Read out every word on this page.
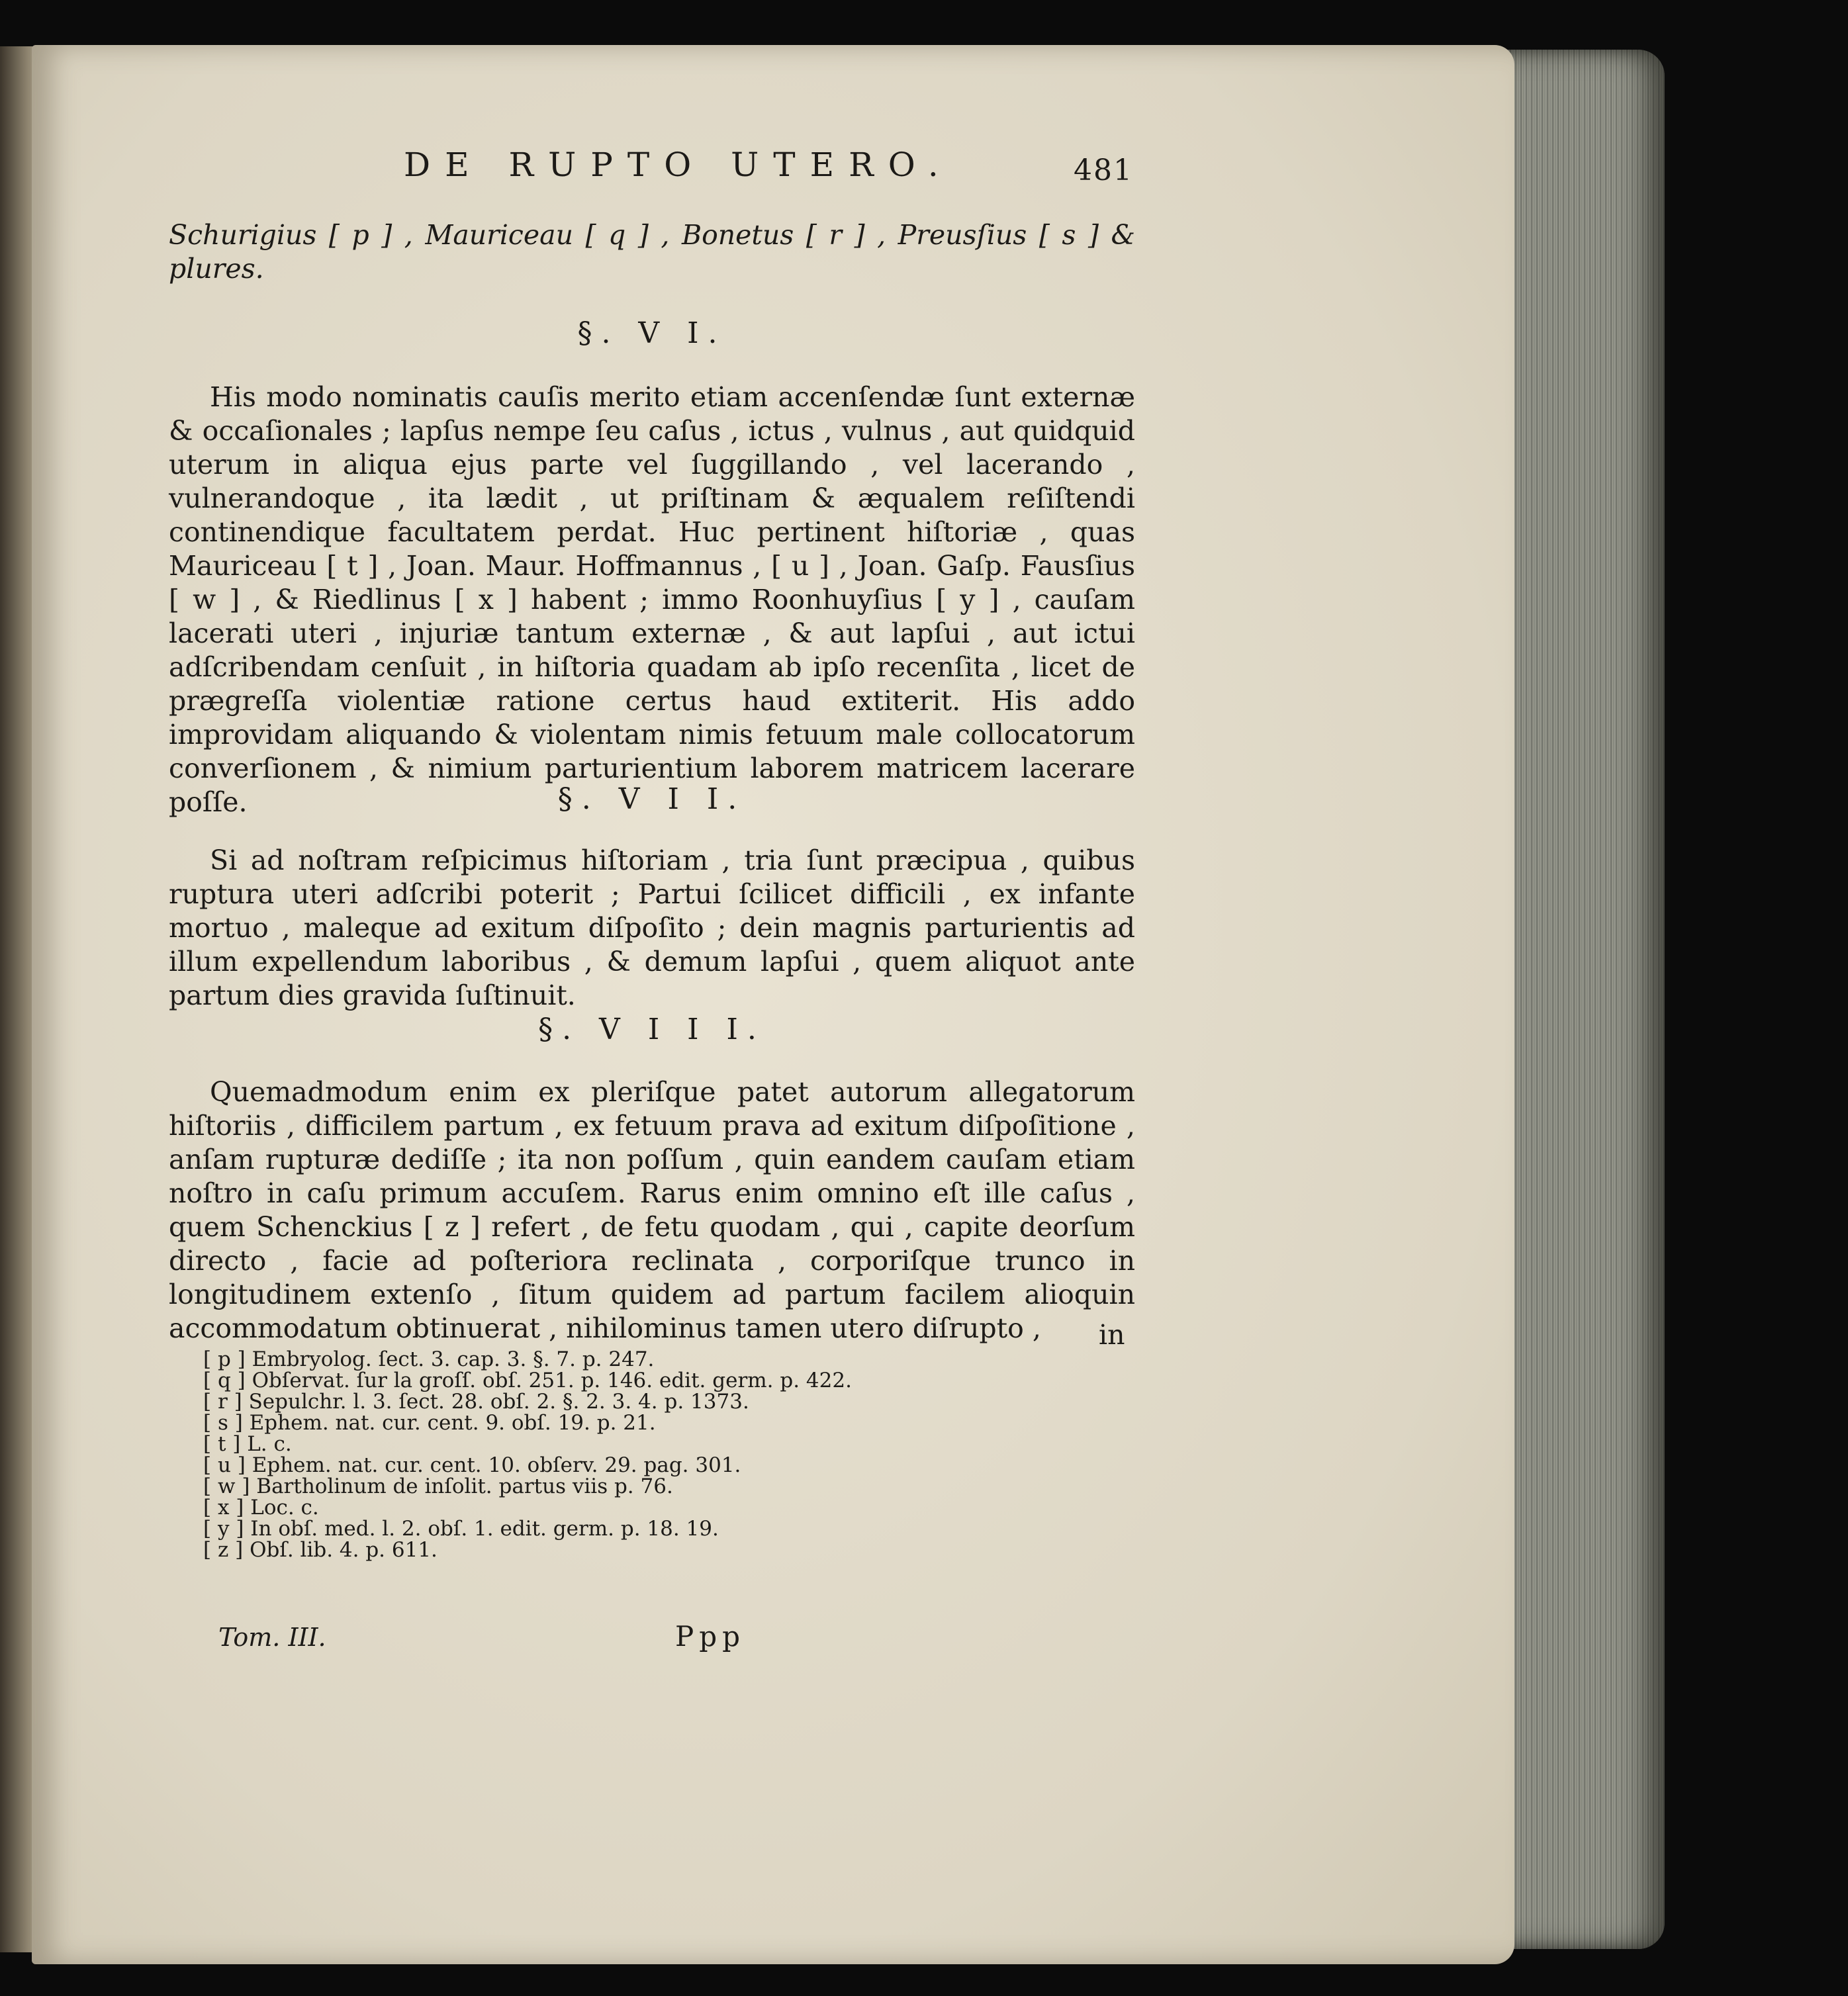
DE RUPTO UTERO.	481

Schurigius [ p ] , Mauriceau [ q ] , Bonetus [ r ] , Preusſius [ s ] & plures.

§. V I.

His modo nominatis cauſis merito etiam accenſendæ ſunt externæ & occaſionales ; lapſus nempe ſeu caſus , ictus , vulnus , aut quidquid uterum in aliqua ejus parte vel ſuggillando , vel lacerando , vulnerandoque , ita lædit , ut priſtinam & æqualem reſiſtendi continendique facultatem perdat. Huc pertinent hiſtoriæ , quas Mauriceau [ t ] , Joan. Maur. Hoffmannus , [ u ] , Joan. Gaſp. Fausſius [ w ] , & Riedlinus [ x ] habent ; immo Roonhuyſius [ y ] , cauſam lacerati uteri , injuriæ tantum externæ , & aut lapſui , aut ictui adſcribendam cenſuit , in hiſtoria quadam ab ipſo recenſita , licet de prægreſſa violentiæ ratione certus haud extiterit. His addo improvidam aliquando & violentam nimis fetuum male collocatorum converſionem , & nimium parturientium laborem matricem lacerare poſſe.	§. V I I.

Si ad noſtram reſpicimus hiſtoriam , tria ſunt præcipua , quibus ruptura uteri adſcribi poterit ; Partui ſcilicet difficili , ex infante mortuo , maleque ad exitum diſpoſito ; dein magnis parturientis ad illum expellendum laboribus , & demum lapſui , quem aliquot ante partum dies gravida ſuſtinuit.

§. V I I I.

Quemadmodum enim ex pleriſque patet autorum allegatorum hiſtoriis , difficilem partum , ex fetuum prava ad exitum diſpoſitione , anſam rupturæ dediſſe ; ita non poſſum , quin eandem cauſam etiam noſtro in caſu primum accuſem. Rarus enim omnino eſt ille caſus , quem Schenckius [ z ] refert , de fetu quodam , qui , capite deorſum directo , facie ad poſteriora reclinata , corporiſque trunco in longitudinem extenſo , ſitum quidem ad partum facilem alioquin accommodatum obtinuerat , nihilominus tamen utero diſrupto ,	in
[ p ] Embryolog. ſect. 3. cap. 3. §. 7. p. 247.
[ q ] Obſervat. ſur la groſſ. obſ. 251. p. 146. edit. germ. p. 422.
[ r ] Sepulchr. l. 3. ſect. 28. obſ. 2. §. 2. 3. 4. p. 1373.
[ s ] Ephem. nat. cur. cent. 9. obſ. 19. p. 21.
[ t ] L. c.
[ u ] Ephem. nat. cur. cent. 10. obſerv. 29. pag. 301.
[ w ] Bartholinum de inſolit. partus viis p. 76.
[ x ] Loc. c.
[ y ] In obſ. med. l. 2. obſ. 1. edit. germ. p. 18. 19.
[ z ] Obſ. lib. 4. p. 611.
Tom. III.	Ppp
